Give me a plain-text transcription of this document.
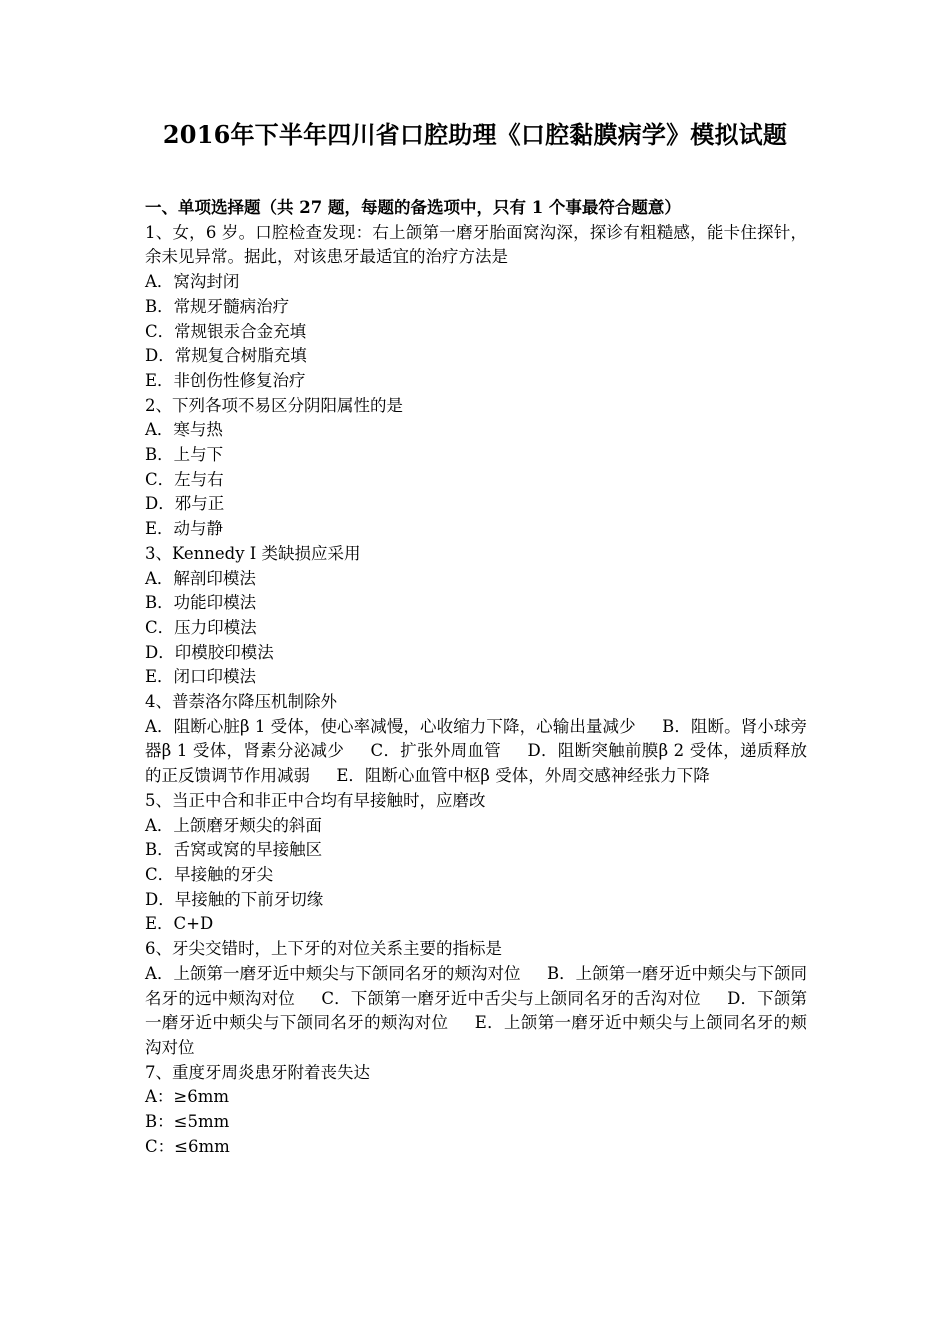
2016年下半年四川省口腔助理《口腔黏膜病学》模拟试题
一、单项选择题（共 27 题，每题的备选项中，只有 1 个事最符合题意）
1、女，6 岁。口腔检查发现：右上颌第一磨牙胎面窝沟深，探诊有粗糙感，能卡住探针，余未见异常。据此，对该患牙最适宜的治疗方法是
A．窝沟封闭
B．常规牙髓病治疗
C．常规银汞合金充填
D．常规复合树脂充填
E．非创伤性修复治疗
2、下列各项不易区分阴阳属性的是
A．寒与热
B．上与下
C．左与右
D．邪与正
E．动与静
3、Kennedy I 类缺损应采用
A．解剖印模法
B．功能印模法
C．压力印模法
D．印模胶印模法
E．闭口印模法
4、普萘洛尔降压机制除外
A．阻断心脏β 1 受体，使心率减慢，心收缩力下降，心输出量减少 B．阻断。肾小球旁器β 1 受体，肾素分泌减少 C．扩张外周血管 D．阻断突触前膜β 2 受体，递质释放的正反馈调节作用减弱 E．阻断心血管中枢β 受体，外周交感神经张力下降
5、当正中合和非正中合均有早接触时，应磨改
A．上颌磨牙颊尖的斜面
B．舌窝或窝的早接触区
C．早接触的牙尖
D．早接触的下前牙切缘
E．C+D
6、牙尖交错时，上下牙的对位关系主要的指标是
A．上颌第一磨牙近中颊尖与下颌同名牙的颊沟对位 B．上颌第一磨牙近中颊尖与下颌同名牙的远中颊沟对位 C．下颌第一磨牙近中舌尖与上颌同名牙的舌沟对位 D．下颌第一磨牙近中颊尖与下颌同名牙的颊沟对位 E．上颌第一磨牙近中颊尖与上颌同名牙的颊沟对位
7、重度牙周炎患牙附着丧失达
A：≥6mm
B：≤5mm
C：≤6mm
